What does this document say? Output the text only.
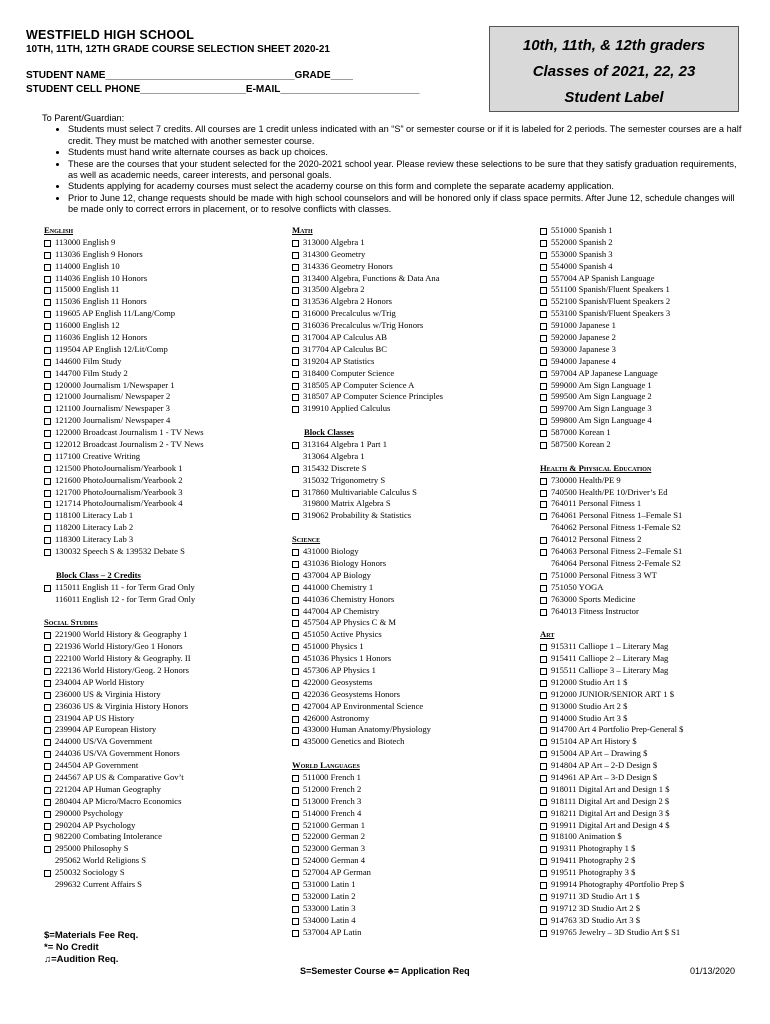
WESTFIELD HIGH SCHOOL
10TH, 11TH, 12TH GRADE COURSE SELECTION SHEET 2020-21
STUDENT NAME__________________________________GRADE____
STUDENT CELL PHONE___________________E-MAIL_________________________
10th, 11th, & 12th graders
Classes of 2021, 22, 23
Student Label
To Parent/Guardian:
• Students must select 7 credits. All courses are 1 credit unless indicated with an “S” or semester course or if it is labeled for 2 periods. The semester courses are a half credit. They must be matched with another semester course.
• Students must hand write alternate courses as back up choices.
• These are the courses that your student selected for the 2020-2021 school year. Please review these selections to be sure that they satisfy graduation requirements, as well as academic needs, career interests, and personal goals.
• Students applying for academy courses must select the academy course on this form and complete the separate academy application.
• Prior to June 12, change requests should be made with high school counselors and will be honored only if class space permits. After June 12, schedule changes will be made only to correct errors in placement, or to resolve conflicts with classes.
English
113000 English 9
113036 English 9 Honors
114000 English 10
114036 English 10 Honors
115000 English 11
115036 English 11 Honors
119605 AP English 11/Lang/Comp
116000 English 12
116036 English 12 Honors
119504 AP English 12/Lit/Comp
144600 Film Study
144700 Film Study 2
120000 Journalism 1/Newspaper 1
121000 Journalism/ Newspaper 2
121100 Journalism/ Newspaper 3
121200 Journalism/ Newspaper 4
122000 Broadcast Journalism 1 - TV News
122012 Broadcast Journalism 2 - TV News
117100 Creative Writing
121500 PhotoJournalism/Yearbook 1
121600 PhotoJournalism/Yearbook 2
121700 PhotoJournalism/Yearbook 3
121714 PhotoJournalism/Yearbook 4
118100 Literacy Lab 1
118200 Literacy Lab 2
118300 Literacy Lab 3
130032 Speech S & 139532 Debate S
Block Class – 2 Credits
115011 English 11 - for Term Grad Only
116011 English 12 - for Term Grad Only
Social Studies
221900 World History & Geography 1
221936 World History/Geo 1 Honors
222100 World History & Geography. II
222136 World History/Geog. 2 Honors
234004 AP World History
236000 US & Virginia History
236036 US & Virginia History Honors
231904 AP US History
239904 AP European History
244000 US/VA Government
244036 US/VA Government Honors
244504 AP Government
244567 AP US & Comparative Gov’t
221204 AP Human Geography
280404 AP Micro/Macro Economics
290000 Psychology
290204 AP Psychology
982200 Combating Intolerance
295000 Philosophy S
295062 World Religions S
250032 Sociology S
299632 Current Affairs S
Math
313000 Algebra 1
314300 Geometry
314336 Geometry Honors
313400 Algebra, Functions & Data Ana
313500 Algebra 2
313536 Algebra 2 Honors
316000 Precalculus w/Trig
316036 Precalculus w/Trig Honors
317004 AP Calculus AB
317704 AP Calculus BC
319204 AP Statistics
318400 Computer Science
318505 AP Computer Science A
318507 AP Computer Science Principles
319910 Applied Calculus
Block Classes
313164 Algebra 1 Part 1
313064 Algebra 1
315432 Discrete S
315032 Trigonometry S
317860 Multivariable Calculus S
319800 Matrix Algebra S
319062 Probability & Statistics
Science
431000 Biology
431036 Biology Honors
437004 AP Biology
441000 Chemistry 1
441036 Chemistry Honors
447004 AP Chemistry
457504 AP Physics C & M
451050 Active Physics
451000 Physics 1
451036 Physics 1 Honors
457306 AP Physics 1
422000 Geosystems
422036 Geosystems Honors
427004 AP Environmental Science
426000 Astronomy
433000 Human Anatomy/Physiology
435000 Genetics and Biotech
World Languages
511000 French 1
512000 French 2
513000 French 3
514000 French 4
521000 German 1
522000 German 2
523000 German 3
524000 German 4
527004 AP German
531000 Latin 1
532000 Latin 2
533000 Latin 3
534000 Latin 4
537004 AP Latin
551000 Spanish 1
552000 Spanish 2
553000 Spanish 3
554000 Spanish 4
557004 AP Spanish Language
551100 Spanish/Fluent Speakers 1
552100 Spanish/Fluent Speakers 2
553100 Spanish/Fluent Speakers 3
591000 Japanese 1
592000 Japanese 2
593000 Japanese 3
594000 Japanese 4
597004 AP Japanese Language
599000 Am Sign Language 1
599500 Am Sign Language 2
599700 Am Sign Language 3
599800 Am Sign Language 4
587000 Korean 1
587500 Korean 2
Health & Physical Education
730000 Health/PE 9
740500 Health/PE 10/Driver’s Ed
764011 Personal Fitness 1
764061 Personal Fitness 1–Female S1
764062 Personal Fitness 1-Female S2
764012 Personal Fitness 2
764063 Personal Fitness 2–Female S1
764064 Personal Fitness 2-Female S2
751000 Personal Fitness 3 WT
751050 YOGA
763000 Sports Medicine
764013 Fitness Instructor
Art
915311 Calliope 1 – Literary Mag
915411 Calliope 2 – Literary Mag
915511 Calliope 3 – Literary Mag
912000 Studio Art 1 $
912000 JUNIOR/SENIOR ART 1 $
913000 Studio Art 2 $
914000 Studio Art 3 $
914700 Art 4 Portfolio Prep-General $
915104 AP Art History $
915004 AP Art – Drawing $
914804 AP Art – 2-D Design $
914961 AP Art – 3-D Design $
918011 Digital Art and Design 1 $
918111 Digital Art and Design 2 $
918211 Digital Art and Design 3 $
919911 Digital Art and Design 4 $
918100 Animation $
919311 Photography 1 $
919411 Photography 2 $
919511 Photography 3 $
919914 Photography 4Portfolio Prep $
919711 3D Studio Art 1 $
919712 3D Studio Art 2 $
914763 3D Studio Art 3 $
919765 Jewelry – 3D Studio Art $ S1
$=Materials Fee Req.
*= No Credit
♫=Audition Req.
S=Semester Course ♣= Application Req	01/13/2020
